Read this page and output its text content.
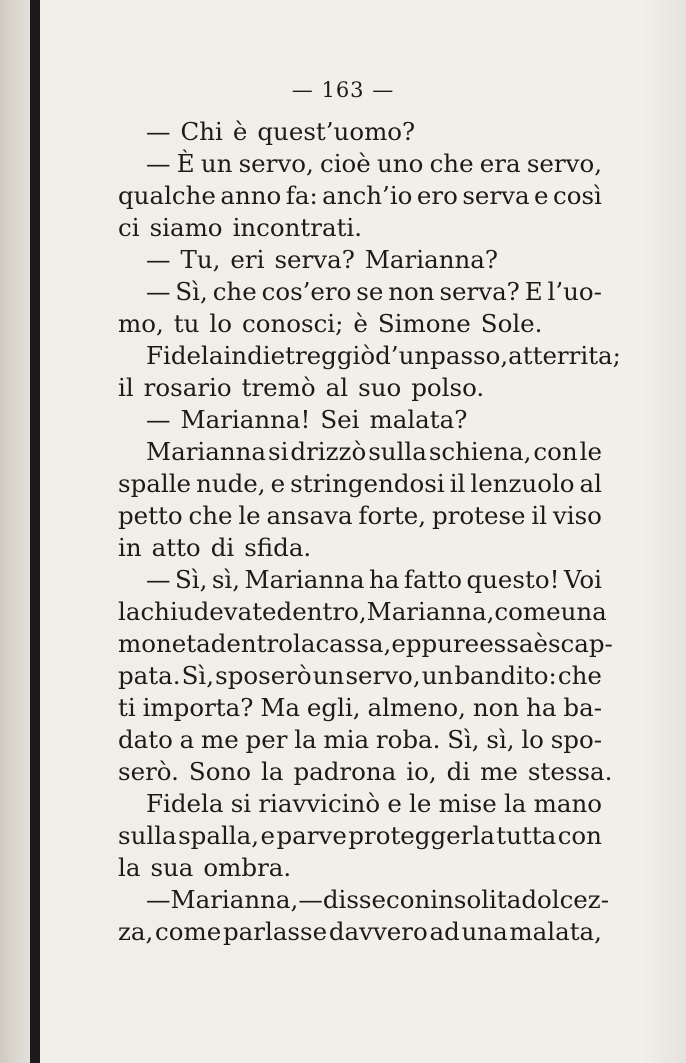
— 163 —
— Chi è quest’uomo?
— È un servo, cioè uno che era servo,
qualche anno fa: anch’io ero serva e così
ci siamo incontrati.
— Tu, eri serva? Marianna?
— Sì, che cos’ero se non serva? E l’uo-
mo, tu lo conosci; è Simone Sole.
Fidela indietreggiò d’un passo, atterrita;
il rosario tremò al suo polso.
— Marianna! Sei malata?
Marianna si drizzò sulla schiena, con le
spalle nude, e stringendosi il lenzuolo al
petto che le ansava forte, protese il viso
in atto di sfida.
— Sì, sì, Marianna ha fatto questo! Voi
la chiudevate dentro, Marianna, come una
moneta dentro la cassa, eppure essa è scap-
pata. Sì, sposerò un servo, un bandito: che
ti importa? Ma egli, almeno, non ha ba-
dato a me per la mia roba. Sì, sì, lo spo-
serò. Sono la padrona io, di me stessa.
Fidela si riavvicinò e le mise la mano
sulla spalla, e parve proteggerla tutta con
la sua ombra.
— Marianna, — disse con insolita dolcez-
za, come parlasse davvero ad una malata,
